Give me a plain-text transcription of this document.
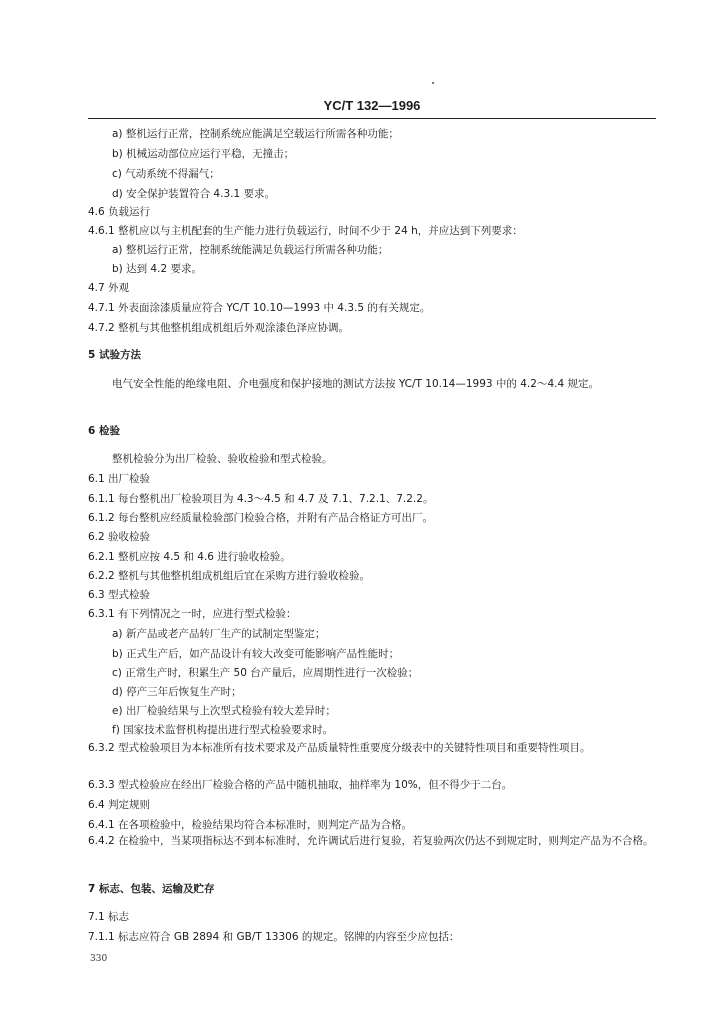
YC/T 132—1996
a) 整机运行正常，控制系统应能满足空载运行所需各种功能；
b) 机械运动部位应运行平稳，无撞击；
c) 气动系统不得漏气；
d) 安全保护装置符合 4.3.1 要求。
4.6 负载运行
4.6.1 整机应以与主机配套的生产能力进行负载运行，时间不少于 24 h，并应达到下列要求：
a) 整机运行正常，控制系统能满足负载运行所需各种功能；
b) 达到 4.2 要求。
4.7 外观
4.7.1 外表面涂漆质量应符合 YC/T 10.10—1993 中 4.3.5 的有关规定。
4.7.2 整机与其他整机组成机组后外观涂漆色泽应协调。
5 试验方法
电气安全性能的绝缘电阻、介电强度和保护接地的测试方法按 YC/T 10.14—1993 中的 4.2～4.4 规定。
6 检验
整机检验分为出厂检验、验收检验和型式检验。
6.1 出厂检验
6.1.1 每台整机出厂检验项目为 4.3～4.5 和 4.7 及 7.1、7.2.1、7.2.2。
6.1.2 每台整机应经质量检验部门检验合格，并附有产品合格证方可出厂。
6.2 验收检验
6.2.1 整机应按 4.5 和 4.6 进行验收检验。
6.2.2 整机与其他整机组成机组后宜在采购方进行验收检验。
6.3 型式检验
6.3.1 有下列情况之一时，应进行型式检验：
a) 新产品或老产品转厂生产的试制定型鉴定；
b) 正式生产后，如产品设计有较大改变可能影响产品性能时；
c) 正常生产时，积累生产 50 台产量后，应周期性进行一次检验；
d) 停产三年后恢复生产时；
e) 出厂检验结果与上次型式检验有较大差异时；
f) 国家技术监督机构提出进行型式检验要求时。
6.3.2 型式检验项目为本标准所有技术要求及产品质量特性重要度分级表中的关键特性项目和重要特性项目。
6.3.3 型式检验应在经出厂检验合格的产品中随机抽取，抽样率为 10%，但不得少于二台。
6.4 判定规则
6.4.1 在各项检验中，检验结果均符合本标准时，则判定产品为合格。
6.4.2 在检验中，当某项指标达不到本标准时，允许调试后进行复验，若复验两次仍达不到规定时，则判定产品为不合格。
7 标志、包装、运输及贮存
7.1 标志
7.1.1 标志应符合 GB 2894 和 GB/T 13306 的规定。铭牌的内容至少应包括：
330
